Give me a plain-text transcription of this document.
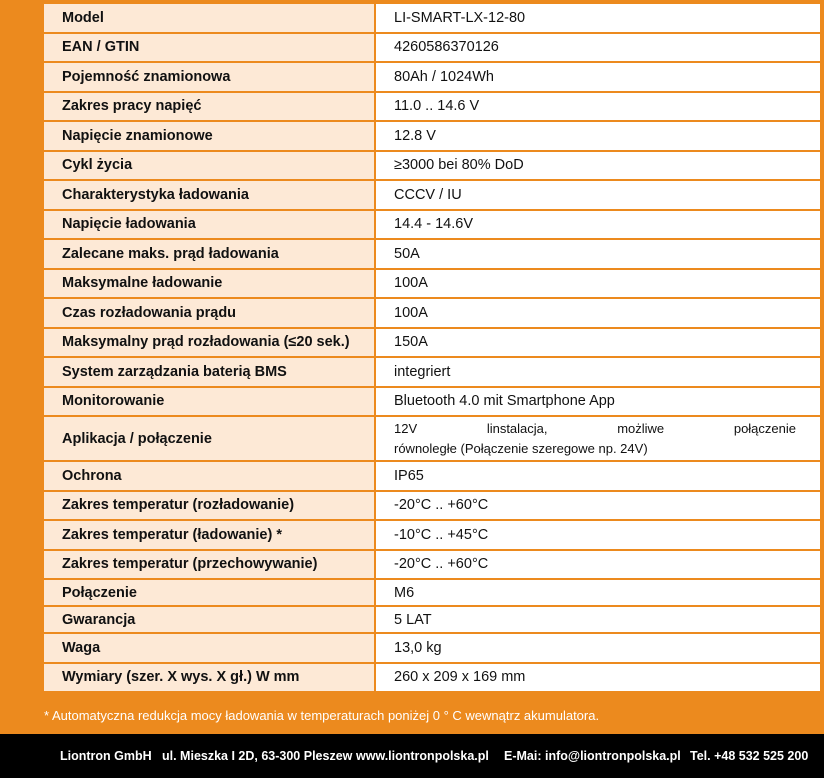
Model	LI-SMART-LX-12-80
EAN / GTIN	4260586370126
Pojemność znamionowa	80Ah / 1024Wh
Zakres pracy napięć	11.0 .. 14.6 V
Napięcie znamionowe	12.8 V
Cykl życia	≥3000 bei 80% DoD
Charakterystyka ładowania	CCCV / IU
Napięcie ładowania	14.4 - 14.6V
Zalecane maks. prąd ładowania	50A
Maksymalne ładowanie	100A
Czas rozładowania prądu	100A
Maksymalny prąd rozładowania (≤20 sek.)	150A
System zarządzania baterią BMS	integriert
Monitorowanie	Bluetooth 4.0 mit Smartphone App
Aplikacja / połączenie	12V linstalacja, możliwe połączenie
równoległe (Połączenie szeregowe np. 24V)
Ochrona	IP65
Zakres temperatur (rozładowanie)	-20°C .. +60°C
Zakres temperatur (ładowanie) *	-10°C .. +45°C
Zakres temperatur (przechowywanie)	-20°C .. +60°C
Połączenie	M6
Gwarancja	5 LAT
Waga	13,0 kg
Wymiary (szer. X wys. X gł.) W mm	260 x 209 x 169 mm
* Automatyczna redukcja mocy ładowania w temperaturach poniżej 0 ° C wewnątrz akumulatora.
Liontron GmbH ul. Mieszka I 2D, 63-300 Pleszew www.liontronpolska.pl E-Mai: info@liontronpolska.pl Tel. +48 532 525 200
